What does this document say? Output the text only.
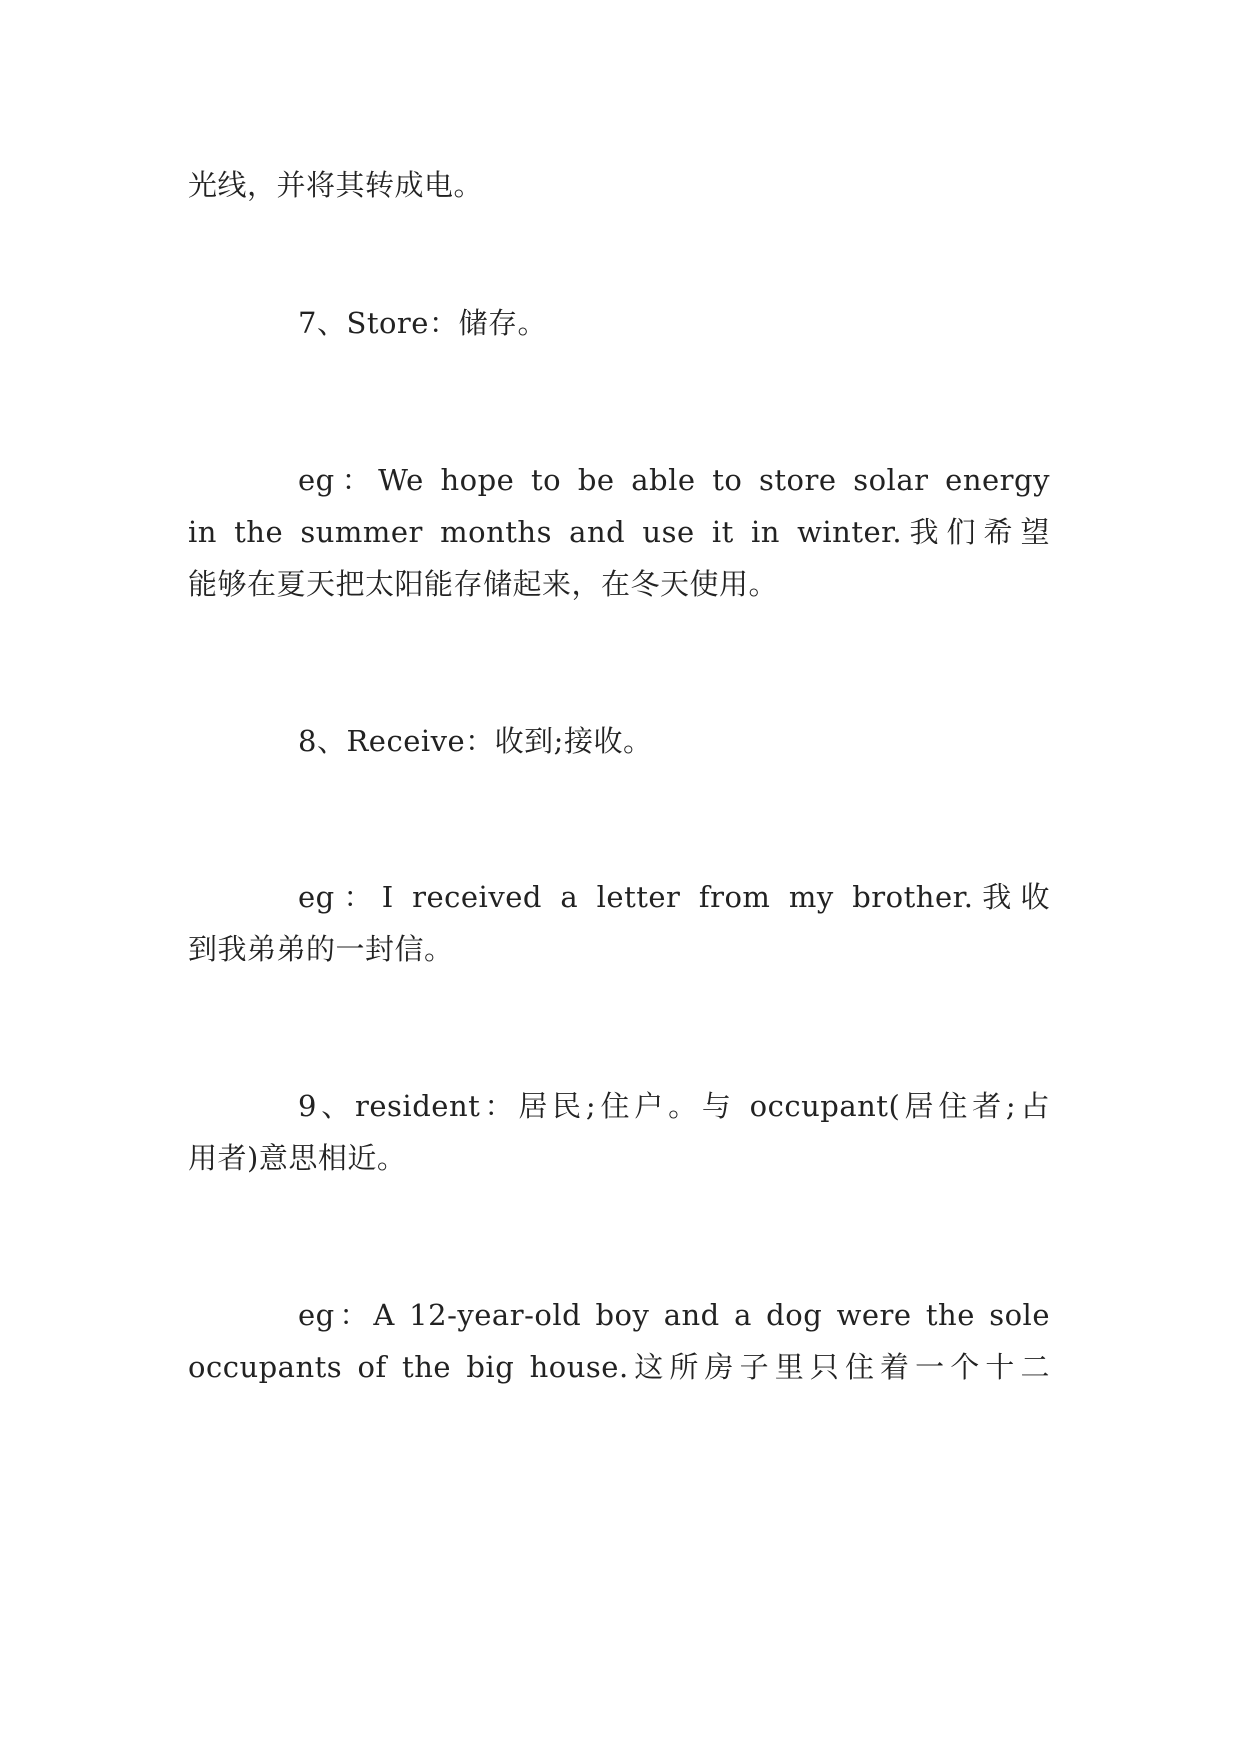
光线，并将其转成电。
7、Store：储存。
eg：We hope to be able to store solar energy
in the summer months and use it in winter.我们希望
能够在夏天把太阳能存储起来，在冬天使用。
8、Receive：收到;接收。
eg：I received a letter from my brother.我收
到我弟弟的一封信。
9、resident：居民;住户。与 occupant(居住者;占
用者)意思相近。
eg：A 12-year-old boy and a dog were the sole
occupants of the big house.这所房子里只住着一个十二
